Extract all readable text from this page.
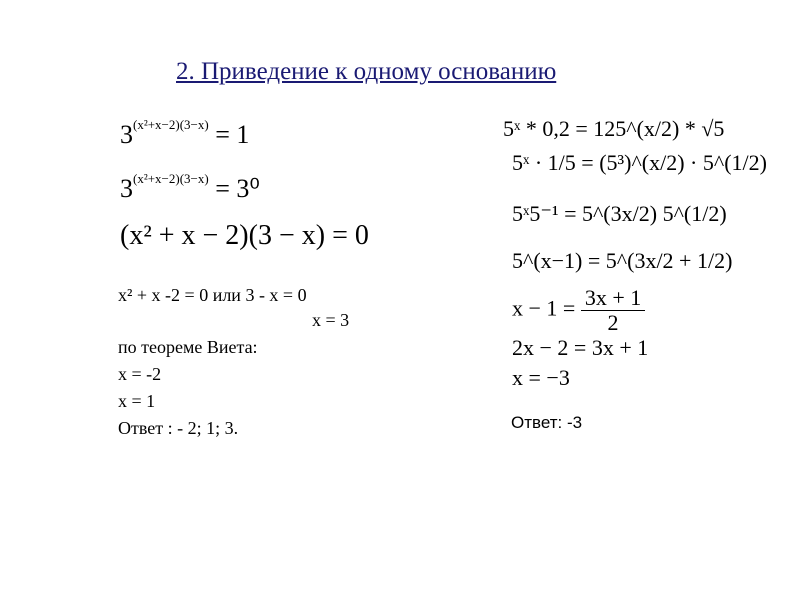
2. Приведение к одному основанию
$3^{(x^2+x-2)(3-x)} = 1$
$3^{(x^2+x-2)(3-x)} = 3^0$
(x² + x − 2)(3 − x) = 0
x² + x -2 = 0 или 3 - x = 0
x = 3
по теореме Виета:
x = -2
x = 1
Ответ : - 2; 1; 3.
5ˣ * 0,2 = 125^(x/2) * √5
5ˣ · 1/5 = (5³)^(x/2) · 5^(1/2)
5ˣ5⁻¹ = 5^(3x/2) 5^(1/2)
5^(x−1) = 5^(3x/2 + 1/2)
$x - 1 = \frac{3x + 1}{2}$
2x − 2 = 3x + 1
x = −3
Ответ: -3
